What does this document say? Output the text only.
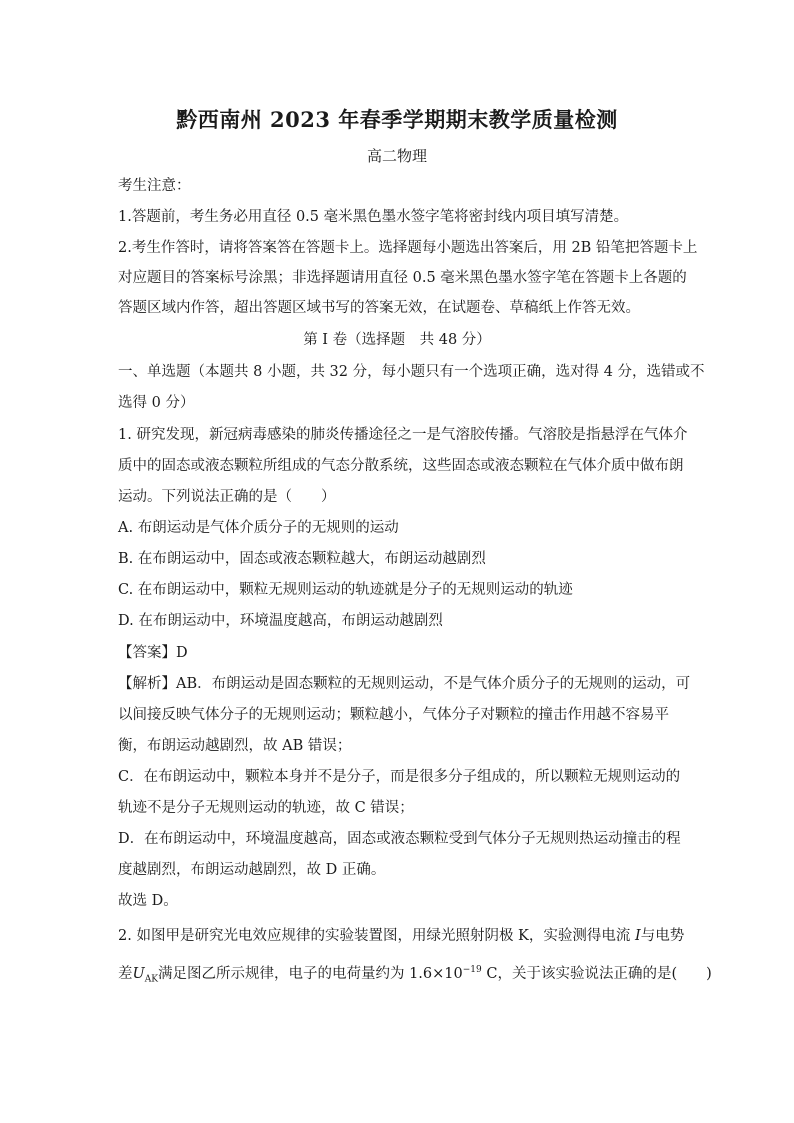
黔西南州 2023 年春季学期期末教学质量检测
高二物理
考生注意：
1.答题前，考生务必用直径 0.5 毫米黑色墨水签字笔将密封线内项目填写清楚。
2.考生作答时，请将答案答在答题卡上。选择题每小题选出答案后，用 2B 铅笔把答题卡上
对应题目的答案标号涂黑；非选择题请用直径 0.5 毫米黑色墨水签字笔在答题卡上各题的
答题区域内作答，超出答题区域书写的答案无效，在试题卷、草稿纸上作答无效。
第 I 卷（选择题　共 48 分）
一、单选题（本题共 8 小题，共 32 分，每小题只有一个选项正确，选对得 4 分，选错或不
选得 0 分）
1. 研究发现，新冠病毒感染的肺炎传播途径之一是气溶胶传播。气溶胶是指悬浮在气体介
质中的固态或液态颗粒所组成的气态分散系统，这些固态或液态颗粒在气体介质中做布朗
运动。下列说法正确的是（　　）
A. 布朗运动是气体介质分子的无规则的运动
B. 在布朗运动中，固态或液态颗粒越大，布朗运动越剧烈
C. 在布朗运动中，颗粒无规则运动的轨迹就是分子的无规则运动的轨迹
D. 在布朗运动中，环境温度越高，布朗运动越剧烈
【答案】D
【解析】AB．布朗运动是固态颗粒的无规则运动，不是气体介质分子的无规则的运动，可
以间接反映气体分子的无规则运动；颗粒越小，气体分子对颗粒的撞击作用越不容易平
衡，布朗运动越剧烈，故 AB 错误；
C．在布朗运动中，颗粒本身并不是分子，而是很多分子组成的，所以颗粒无规则运动的
轨迹不是分子无规则运动的轨迹，故 C 错误；
D．在布朗运动中，环境温度越高，固态或液态颗粒受到气体分子无规则热运动撞击的程
度越剧烈，布朗运动越剧烈，故 D 正确。
故选 D。
2. 如图甲是研究光电效应规律的实验装置图，用绿光照射阴极 K，实验测得电流 I与电势
差$U_{AK}$满足图乙所示规律，电子的电荷量约为 $1.6\times 10^{-19}$ C，关于该实验说法正确的是(　　)
